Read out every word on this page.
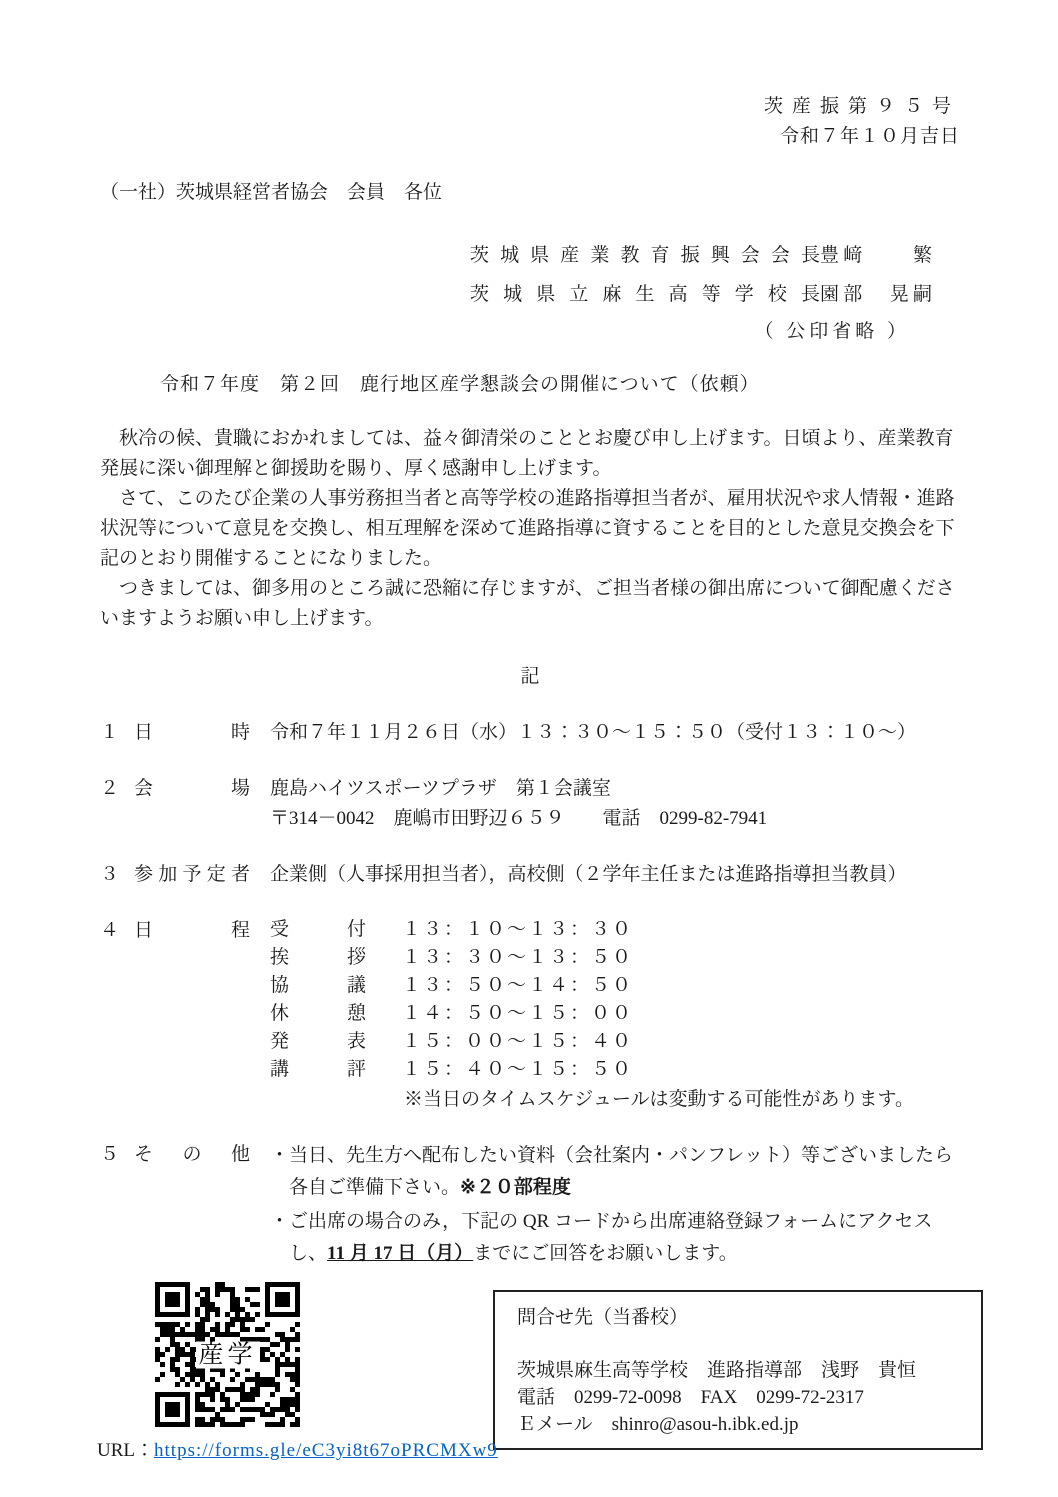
茨産振第９５号
令和７年１０月吉日
（一社）茨城県経営者協会　会員　各位
茨城県産業教育振興会会長 豊﨑　　繁
茨城県立麻生高等学校長 園部　晃嗣
（ 公印省略 ）
令和７年度　第２回　鹿行地区産学懇談会の開催について（依頼）
　秋冷の候、貴職におかれましては、益々御清栄のこととお慶び申し上げます。日頃より、産業教育発展に深い御理解と御援助を賜り、厚く感謝申し上げます。
　さて、このたび企業の人事労務担当者と高等学校の進路指導担当者が、雇用状況や求人情報・進路状況等について意見を交換し、相互理解を深めて進路指導に資することを目的とした意見交換会を下記のとおり開催することになりました。
　つきましては、御多用のところ誠に恐縮に存じますが、ご担当者様の御出席について御配慮くださいますようお願い申し上げます。
記
１ 日時 令和７年１１月２６日（水）１３：３０～１５：５０（受付１３：１０～）
２ 会場 鹿島ハイツスポーツプラザ　第１会議室
〒314－0042　鹿嶋市田野辺６５９　　電話　0299-82-7941
３ 参加予定者 企業側（人事採用担当者），高校側（２学年主任または進路指導担当教員）
４ 日程 受付 １３：１０～１３：３０
挨拶 １３：３０～１３：５０
協議 １３：５０～１４：５０
休憩 １４：５０～１５：００
発表 １５：００～１５：４０
講評 １５：４０～１５：５０
※当日のタイムスケジュールは変動する可能性があります。
５ その他 ・当日、先生方へ配布したい資料（会社案内・パンフレット）等ございましたら各自ご準備下さい。※２０部程度
・ご出席の場合のみ，下記の QR コードから出席連絡登録フォームにアクセスし、11 月 17 日（月）までにご回答をお願いします。
産学
問合せ先（当番校）
茨城県麻生高等学校　進路指導部　浅野　貴恒
電話　0299-72-0098　FAX　0299-72-2317
Ｅメール　shinro@asou-h.ibk.ed.jp
URL：https://forms.gle/eC3yi8t67oPRCMXw9
